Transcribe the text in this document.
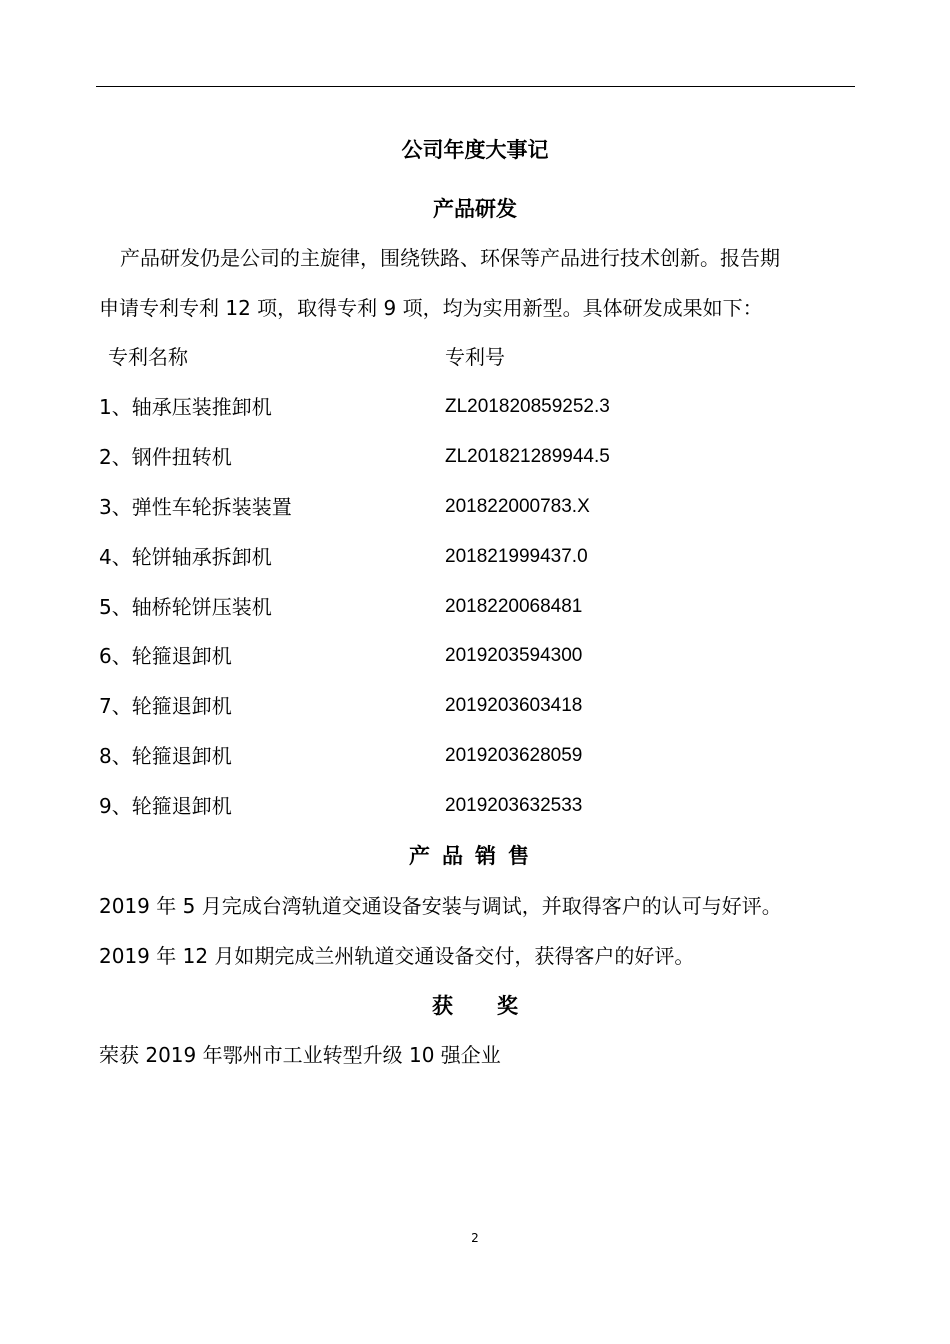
公司年度大事记
产品研发
产品研发仍是公司的主旋律，围绕铁路、环保等产品进行技术创新。报告期
申请专利专利 12 项，取得专利 9 项，均为实用新型。具体研发成果如下：
专利名称	专利号
1、轴承压装推卸机	ZL201820859252.3
2、钢件扭转机	ZL201821289944.5
3、弹性车轮拆装装置	201822000783.X
4、轮饼轴承拆卸机	201821999437.0
5、轴桥轮饼压装机	2018220068481
6、轮箍退卸机	2019203594300
7、轮箍退卸机	2019203603418
8、轮箍退卸机	2019203628059
9、轮箍退卸机	2019203632533
产品销售
2019 年 5 月完成台湾轨道交通设备安装与调试，并取得客户的认可与好评。
2019 年 12 月如期完成兰州轨道交通设备交付，获得客户的好评。
获 奖
荣获 2019 年鄂州市工业转型升级 10 强企业
2
